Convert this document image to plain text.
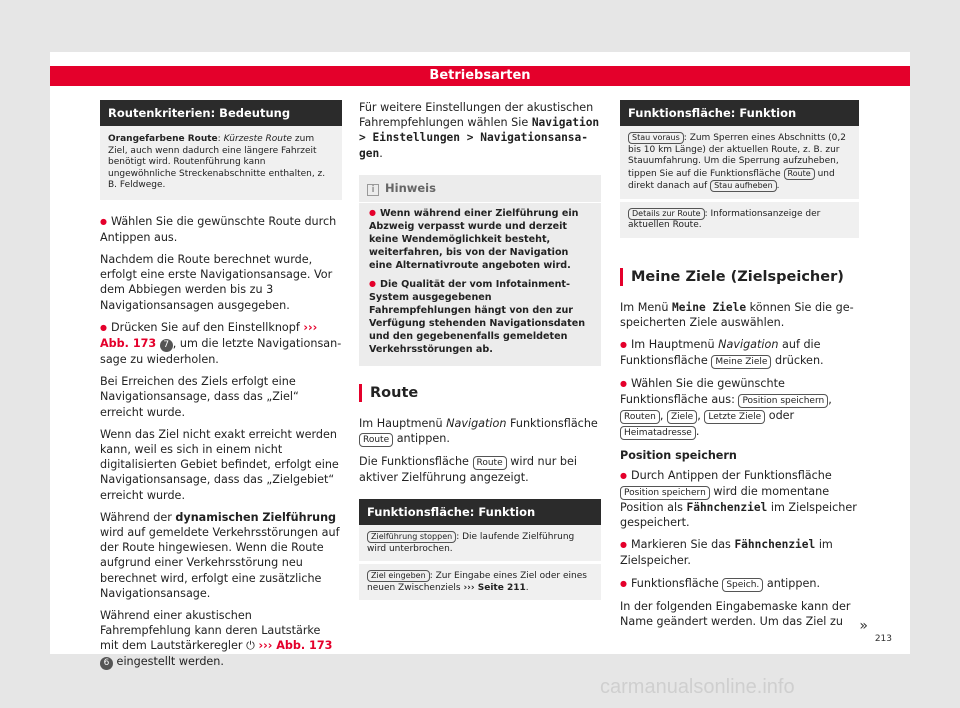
Betriebsarten
Routenkriterien: Bedeutung
Orangefarbene Route: Kürzeste Route zum Ziel, auch wenn dadurch eine längere Fahrzeit benötigt wird. Routenführung kann ungewöhnliche Streckenabschnitte enthalten, z. B. Feldwege.

● Wählen Sie die gewünschte Route durch Antippen aus.

Nachdem die Route berechnet wurde, erfolgt eine erste Navigationsansage. Vor dem Abbiegen werden bis zu 3 Navigationsansagen ausgegeben.

● Drücken Sie auf den Einstellknopf ››› Abb. 173 7 , um die letzte Navigationsansage zu wiederholen.

Bei Erreichen des Ziels erfolgt eine Navigationsansage, dass das „Ziel“ erreicht wurde.

Wenn das Ziel nicht exakt erreicht werden kann, weil es sich in einem nicht digitalisierten Gebiet befindet, erfolgt eine Navigationsansage, dass das „Zielgebiet“ erreicht wurde.

Während der dynamischen Zielführung wird auf gemeldete Verkehrsstörungen auf der Route hingewiesen. Wenn die Route aufgrund einer Verkehrsstörung neu berechnet wird, erfolgt eine zusätzliche Navigationsansage.

Während einer akustischen Fahrempfehlung kann deren Lautstärke mit dem Lautstärkeregler ⏻ ››› Abb. 173 6 eingestellt werden.

Für weitere Einstellungen der akustischen Fahrempfehlungen wählen Sie Navigation > Einstellungen > Navigationsansagen.

i Hinweis
● Wenn während einer Zielführung ein Abzweig verpasst wurde und derzeit keine Wendemöglichkeit besteht, weiterfahren, bis von der Navigation eine Alternativroute angeboten wird.
● Die Qualität der vom Infotainment-System ausgegebenen Fahrempfehlungen hängt von den zur Verfügung stehenden Navigationsdaten und den gegebenenfalls gemeldeten Verkehrsstörungen ab.
Route

Im Hauptmenü Navigation Funktionsfläche
Route antippen.

Die Funktionsfläche Route wird nur bei aktiver Zielführung angezeigt.

Funktionsfläche: Funktion
Zielführung stoppen : Die laufende Zielführung wird unterbrochen.
Ziel eingeben : Zur Eingabe eines Ziel oder eines neuen Zwischenziels ››› Seite 211.
Funktionsfläche: Funktion
Stau voraus : Zum Sperren eines Abschnitts (0,2 bis 10 km Länge) der aktuellen Route, z. B. zur Stauumfahrung. Um die Sperrung aufzuheben, tippen Sie auf die Funktionsfläche Route und direkt danach auf Stau aufheben .
Details zur Route : Informationsanzeige der aktuellen Route.
Meine Ziele (Zielspeicher)

Im Menü Meine Ziele können Sie die gespeicherten Ziele auswählen.

● Im Hauptmenü Navigation auf die Funktionsfläche Meine Ziele drücken.

● Wählen Sie die gewünschte Funktionsfläche aus: Position speichern , Routen , Ziele , Letzte Ziele oder Heimatadresse .

Position speichern

● Durch Antippen der Funktionsfläche Position speichern wird die momentane Position als Fähnchenziel im Zielspeicher gespeichert.

● Markieren Sie das Fähnchenziel im Zielspeicher.

● Funktionsfläche Speich. antippen.

In der folgenden Eingabemaske kann der Name geändert werden. Um das Ziel zu	»
213
carmanualsonline.info
